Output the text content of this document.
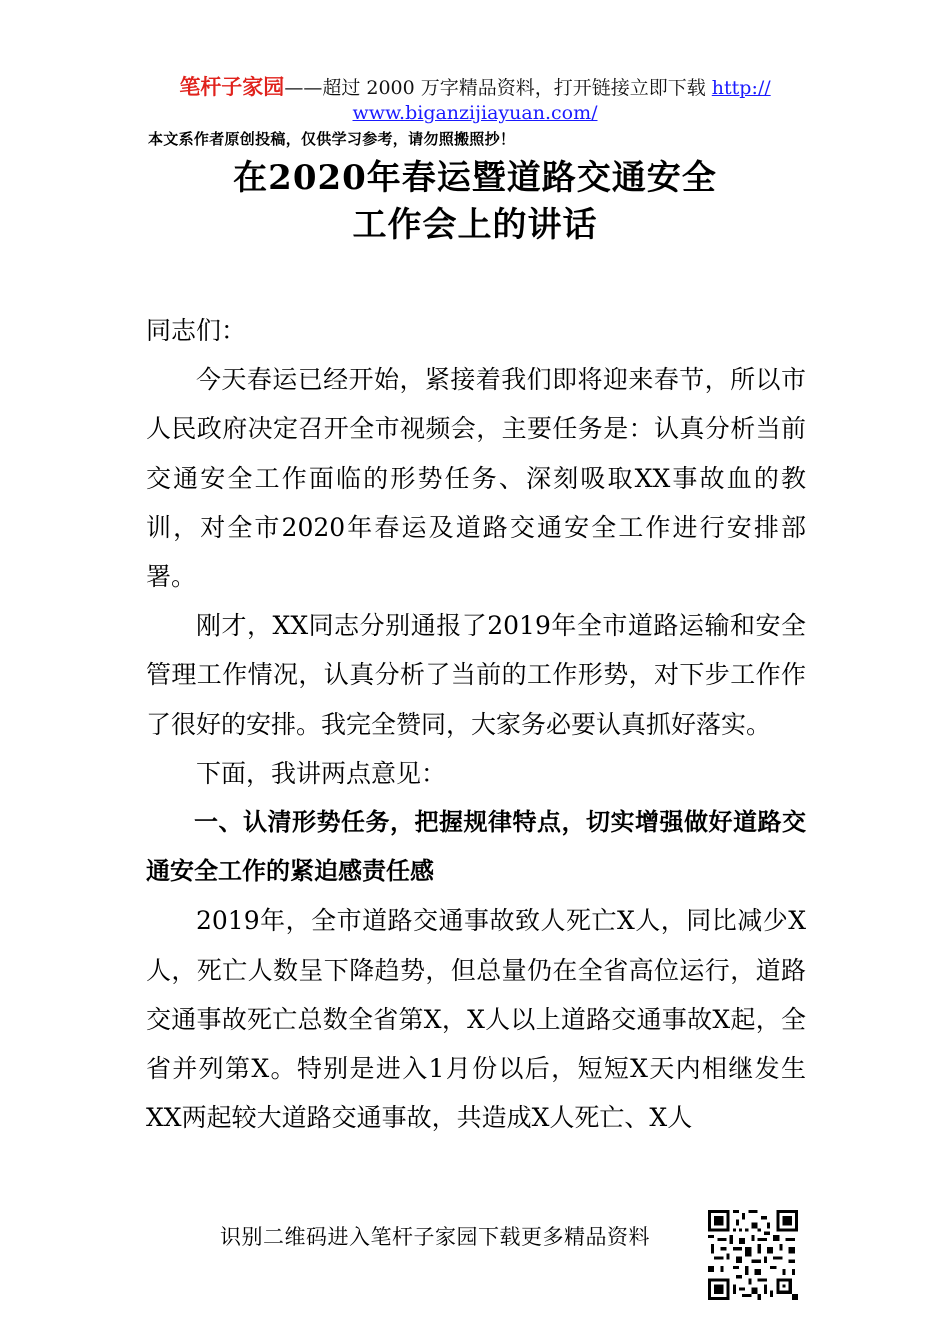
笔杆子家园——超过 2000 万字精品资料，打开链接立即下载 http://
www.biganzijiayuan.com/
本文系作者原创投稿，仅供学习参考，请勿照搬照抄！
在2020年春运暨道路交通安全
工作会上的讲话

同志们：

今天春运已经开始，紧接着我们即将迎来春节，所以市人民政府决定召开全市视频会，主要任务是：认真分析当前交通安全工作面临的形势任务、深刻吸取XX事故血的教训，对全市2020年春运及道路交通安全工作进行安排部署。

刚才，XX同志分别通报了2019年全市道路运输和安全管理工作情况，认真分析了当前的工作形势，对下步工作作了很好的安排。我完全赞同，大家务必要认真抓好落实。

下面，我讲两点意见：

一、认清形势任务，把握规律特点，切实增强做好道路交通安全工作的紧迫感责任感

2019年，全市道路交通事故致人死亡X人，同比减少X人，死亡人数呈下降趋势，但总量仍在全省高位运行，道路交通事故死亡总数全省第X，X人以上道路交通事故X起，全省并列第X。特别是进入1月份以后，短短X天内相继发生XX两起较大道路交通事故，共造成X人死亡、X人

识别二维码进入笔杆子家园下载更多精品资料
